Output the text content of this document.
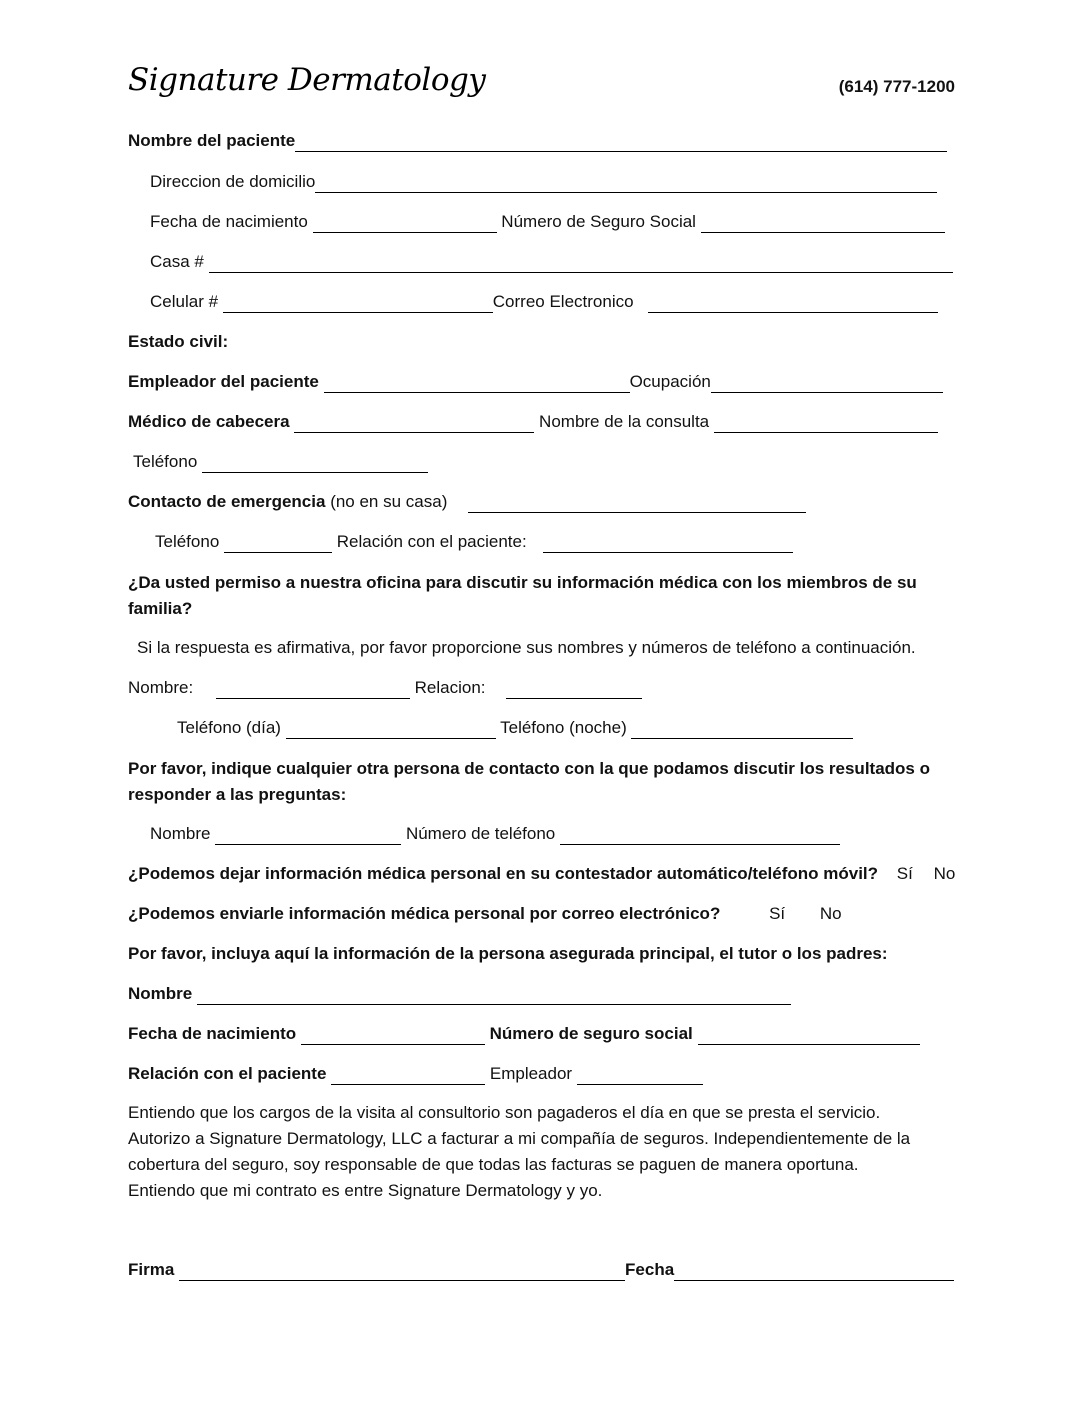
Signature Dermatology	(614) 777-1200
Nombre del paciente
Direccion de domicilio
Fecha de nacimiento	Número de Seguro Social
Casa #
Celular #	Correo Electronico
Estado civil:
Empleador del paciente	Ocupación
Médico de cabecera	Nombre de la consulta
Teléfono
Contacto de emergencia (no en su casa)
Teléfono	Relación con el paciente:
¿Da usted permiso a nuestra oficina para discutir su información médica con los miembros de su familia?
Si la respuesta es afirmativa, por favor proporcione sus nombres y números de teléfono a continuación.
Nombre:	Relacion:
Teléfono (día)	Teléfono (noche)
Por favor, indique cualquier otra persona de contacto con la que podamos discutir los resultados o responder a las preguntas:
Nombre	Número de teléfono
¿Podemos dejar información médica personal en su contestador automático/teléfono móvil? Sí No
¿Podemos enviarle información médica personal por correo electrónico?	Sí No
Por favor, incluya aquí la información de la persona asegurada principal, el tutor o los padres:
Nombre
Fecha de nacimiento	Número de seguro social
Relación con el paciente	Empleador
Entiendo que los cargos de la visita al consultorio son pagaderos el día en que se presta el servicio.
Autorizo a Signature Dermatology, LLC a facturar a mi compañía de seguros. Independientemente de la
cobertura del seguro, soy responsable de que todas las facturas se paguen de manera oportuna.
Entiendo que mi contrato es entre Signature Dermatology y yo.
Firma	Fecha
